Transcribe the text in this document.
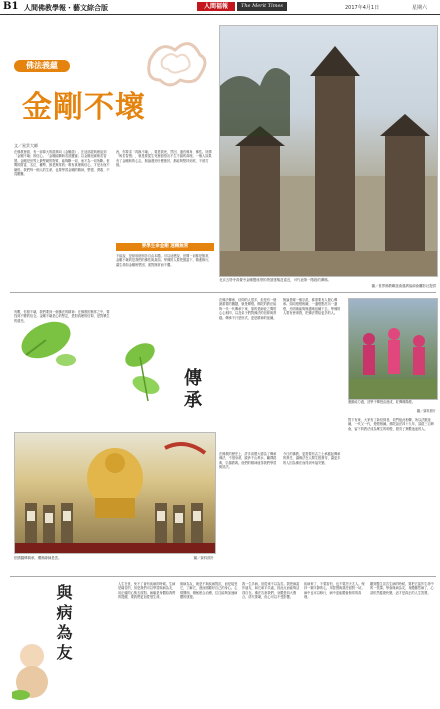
B1 人間佛教學報・藝文綜合版	人間福報	The Merit Times	2017年4月1日	星期六
佛法義蘊
金剛不壞
文／星雲大師
在佛教裡面，有一部偉大的經典叫《金剛經》，在這部經典裡說到「金剛不壞」的信心。「金剛能斷般若波羅蜜」以金剛比喻般若智慧。金剛是世界上最堅硬的物質，能夠斷一切，而不為一切所斷。世間的財富、名位、權勢，都是無常的；唯有真理與信心，才是永恆不壞的。我們每一個人的生命，也要學習金剛的精神，堅強、勇敢、不畏艱難。
西，你要求「再換不壞」，要是我死，然回，還有佛身、佛性。所謂「般若智慧」，就是要從生死裡面悟出不生不滅的真理。一個人如果有了金剛般的心志，無論遇到什麼挫折，都能夠堅持到底，不被打倒。
要學生命金剛 速轉無常
不能說，是採取個別各自由本體。可以這麼說，世間一切都是無常，金剛不壞的是我們的佛性與真如。學佛的人要把握當下，精進修行，讓生命如金剛般堅固，面對無常而不懼。
有數，你照不壞，我們要到一個佛法的精神：在佛教的無常之中，要找到不變的信念。金剛不壞是心的堅定，是對真理的信仰，是對眾生的慈悲。
北京五塔寺真覺寺金剛寶座塔的塔頂建築及遠近，可代表第一階段的禪佛。
圖／世界佛教聯誼會慈濟協副會攝影社提供
傳承
依國圓傳偈承，燭佛緣師是雲。	圖／資料照片
在佛法傳承，信仰的人很多，但是有一個最重要的關鍵，就是傳燈。佛陀的教法能夠一代一代傳承下來，靠的是師徒之間的心心相印，以及弟子們對佛法的信仰與實踐。傳承不只是形式，更是精神的延續。
無論是哪一個宗派，都需要有人發心傳承。如同燈燈相續，一盞燈點亮另一盞燈，光明就能夠無盡地延續下去。學佛的人要有使命感，把佛法帶給更多的人。
運動能力過，初學子傳授由進成，旺傳佛陽燈。
圖／資料照片
在佛教的歷史上，許多高僧大德為了傳承佛法，不惜身命，跋涉千山萬水，翻譯經典，弘揚教義。他們的精神值得我們學習與效法。
今日的佛教，更需要有志之士承擔起傳承的責任，讓佛法在人間生根發芽，讓更多的人因為佛法而得到幸福安樂。
對下有來，大家有了新信仰者，同門組此相傳，所以法脈延續，一代又一代，燈燈相續。佛陀說法四十九年，談經三百餘會，留下的教法成為眾生的明燈，照亮了無數迷途的人。
與病為友	人生在世，免不了會有疾病的時候。生病是痛苦的，但是我們可以學習與病為友，用正確的心態去面對。病痛是身體給我們的提醒，要我們更加愛惜生命。
與病為友，就是不與疾病對抗，而是接受它，了解它，進而照顧好自己的身心。心情開朗，積極配合治療，往往能夠加速病體的康復。
我一生多病，但從來不以為苦。我把病當作朋友，和它和平共處，因此反而能夠活得自在。佛法告訴我們，身體是四大假合，終究要壞，但心可以不受影響。
疾病來了，不要害怕，也不要怨天尤人。保持一顆平靜的心，用智慧與慈悲面對一切。病中也可以修行，病中更能體會無常的真理。
聽到醫生宣告生病的時候，要把它當作生命中的一堂課。學會與病為友，身體雖然病了，心卻依然健康快樂，這才是真正的人生智慧。
